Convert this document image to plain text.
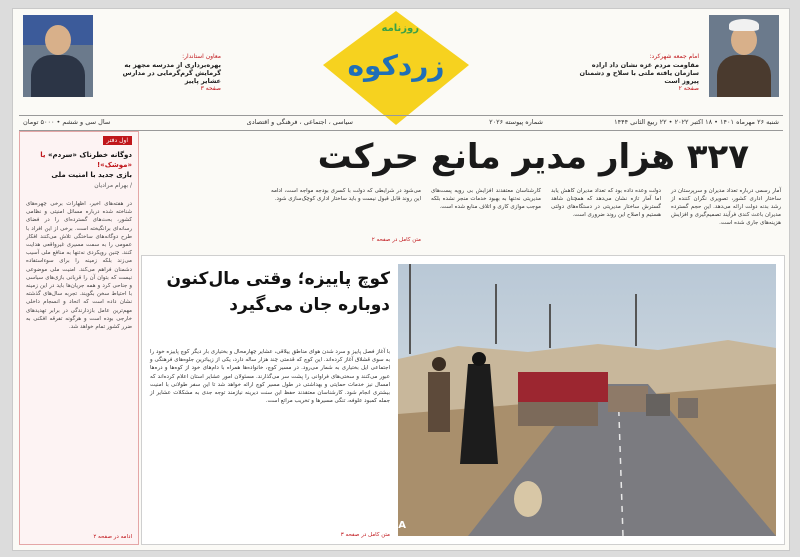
امام جمعه شهرکرد:
مقاومت مردم غزه نشان داد اراده سازمان یافته ملتی با سلاح و دشمنان پیروز است
صفحه ۲
روزنامه
زردکوه
معاون استاندار:
بهره‌برداری از مدرسه مجهز به گرمایش گرم‌گرمایی در مدارس عشایر پاییز
صفحه ۳
شنبه ۲۶ مهرماه ۱۴۰۱ • ۱۸ اکتبر ۲۰۲۲ • ۲۲ ربیع الثانی ۱۴۴۴
شماره پیوسته ۲۰۲۶
سیاسی ، اجتماعی ، فرهنگی و اقتصادی
سال سی و ششم • ۵۰۰۰ تومان
۳۲۷ هزار مدیر مانع حرکت
آمار رسمی درباره تعداد مدیران و سرپرستان در ساختار اداری کشور، تصویری نگران کننده از رشد بدنه دولت ارائه می‌دهد. این حجم گسترده مدیران باعث کندی فرآیند تصمیم‌گیری و افزایش هزینه‌های جاری شده است.
دولت وعده داده بود که تعداد مدیران کاهش یابد اما آمار تازه نشان می‌دهد که همچنان شاهد گسترش ساختار مدیریتی در دستگاه‌های دولتی هستیم و اصلاح این روند ضروری است.
کارشناسان معتقدند افزایش بی رویه پست‌های مدیریتی نه‌تنها به بهبود خدمات منجر نشده بلکه موجب موازی کاری و اتلاف منابع شده است.
می‌شود در شرایطی که دولت با کسری بودجه مواجه است، ادامه این روند قابل قبول نیست و باید ساختار اداری کوچک‌سازی شود.
متن کامل در صفحه ۲
اول دفتر
دوگانه خطرناک «سردم» یا «موشک»!
بازی جدید با امنیت ملی
/ بهرام مرادیان
در هفته‌های اخیر، اظهارات برخی چهره‌های شناخته شده درباره مسائل امنیتی و نظامی کشور، بحث‌های گسترده‌ای را در فضای رسانه‌ای برانگیخته است. برخی از این افراد با طرح دوگانه‌های ساختگی تلاش می‌کنند افکار عمومی را به سمت مسیری غیرواقعی هدایت کنند. چنین رویکردی نه‌تنها به منافع ملی آسیب می‌زند بلکه زمینه را برای سوءاستفاده دشمنان فراهم می‌کند. امنیت ملی موضوعی نیست که بتوان آن را قربانی بازی‌های سیاسی و جناحی کرد و همه جریان‌ها باید در این زمینه با احتیاط سخن بگویند. تجربه سال‌های گذشته نشان داده است که اتحاد و انسجام داخلی مهم‌ترین عامل بازدارندگی در برابر تهدیدهای خارجی بوده است و هرگونه تفرقه افکنی به ضرر کشور تمام خواهد شد.
ادامه در صفحه ۲
IRNA
کوچ پاییزه؛ وقتی مال‌کنون
دوباره جان می‌گیرد
با آغاز فصل پاییز و سرد شدن هوای مناطق ییلاقی، عشایر چهارمحال و بختیاری بار دیگر کوچ پاییزه خود را به سوی قشلاق آغاز کرده‌اند. این کوچ که قدمتی چند هزار ساله دارد، یکی از زیباترین جلوه‌های فرهنگی و اجتماعی ایل بختیاری به شمار می‌رود. در مسیر کوچ، خانواده‌ها همراه با دام‌های خود از کوه‌ها و دره‌ها عبور می‌کنند و سختی‌های فراوانی را پشت سر می‌گذارند. مسئولان امور عشایر استان اعلام کرده‌اند که امسال نیز خدمات حمایتی و بهداشتی در طول مسیر کوچ ارائه خواهد شد تا این سفر طولانی با امنیت بیشتری انجام شود. کارشناسان معتقدند حفظ این سنت دیرینه نیازمند توجه جدی به مشکلات عشایر از جمله کمبود علوفه، تنگی مسیرها و تخریب مراتع است.
متن کامل در صفحه ۳
